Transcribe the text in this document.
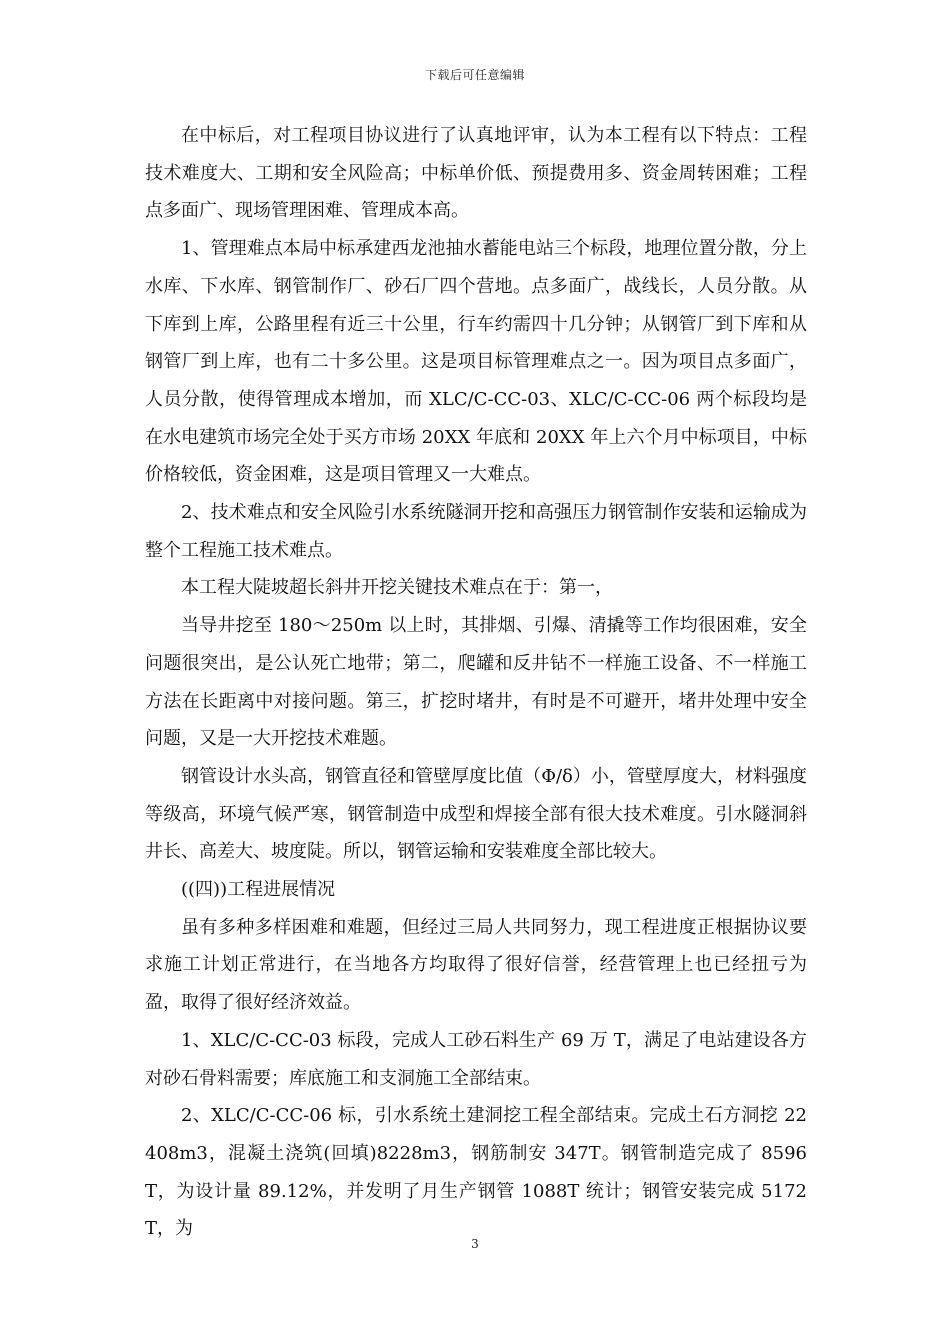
下载后可任意编辑

在中标后，对工程项目协议进行了认真地评审，认为本工程有以下特点：工程技术难度大、工期和安全风险高；中标单价低、预提费用多、资金周转困难；工程点多面广、现场管理困难、管理成本高。

1、管理难点本局中标承建西龙池抽水蓄能电站三个标段，地理位置分散，分上水库、下水库、钢管制作厂、砂石厂四个营地。点多面广，战线长，人员分散。从下库到上库，公路里程有近三十公里，行车约需四十几分钟；从钢管厂到下库和从钢管厂到上库，也有二十多公里。这是项目标管理难点之一。因为项目点多面广，人员分散，使得管理成本增加，而 XLC/C-CC-03、XLC/C-CC-06 两个标段均是在水电建筑市场完全处于买方市场 20XX 年底和 20XX 年上六个月中标项目，中标价格较低，资金困难，这是项目管理又一大难点。

2、技术难点和安全风险引水系统隧洞开挖和高强压力钢管制作安装和运输成为整个工程施工技术难点。

本工程大陡坡超长斜井开挖关键技术难点在于：第一，

当导井挖至 180～250m 以上时，其排烟、引爆、清撬等工作均很困难，安全问题很突出，是公认死亡地带；第二，爬罐和反井钻不一样施工设备、不一样施工方法在长距离中对接问题。第三，扩挖时堵井，有时是不可避开，堵井处理中安全问题，又是一大开挖技术难题。

钢管设计水头高，钢管直径和管壁厚度比值（Φ/δ）小，管壁厚度大，材料强度等级高，环境气候严寒，钢管制造中成型和焊接全部有很大技术难度。引水隧洞斜井长、高差大、坡度陡。所以，钢管运输和安装难度全部比较大。

((四))工程进展情况

虽有多种多样困难和难题，但经过三局人共同努力，现工程进度正根据协议要求施工计划正常进行，在当地各方均取得了很好信誉，经营管理上也已经扭亏为盈，取得了很好经济效益。

1、XLC/C-CC-03 标段，完成人工砂石料生产 69 万 T，满足了电站建设各方对砂石骨料需要；库底施工和支洞施工全部结束。

2、XLC/C-CC-06 标，引水系统土建洞挖工程全部结束。完成土石方洞挖 22408m3，混凝土浇筑(回填)8228m3，钢筋制安 347T。钢管制造完成了 8596T，为设计量 89.12%，并发明了月生产钢管 1088T 统计；钢管安装完成 5172T，为

3
